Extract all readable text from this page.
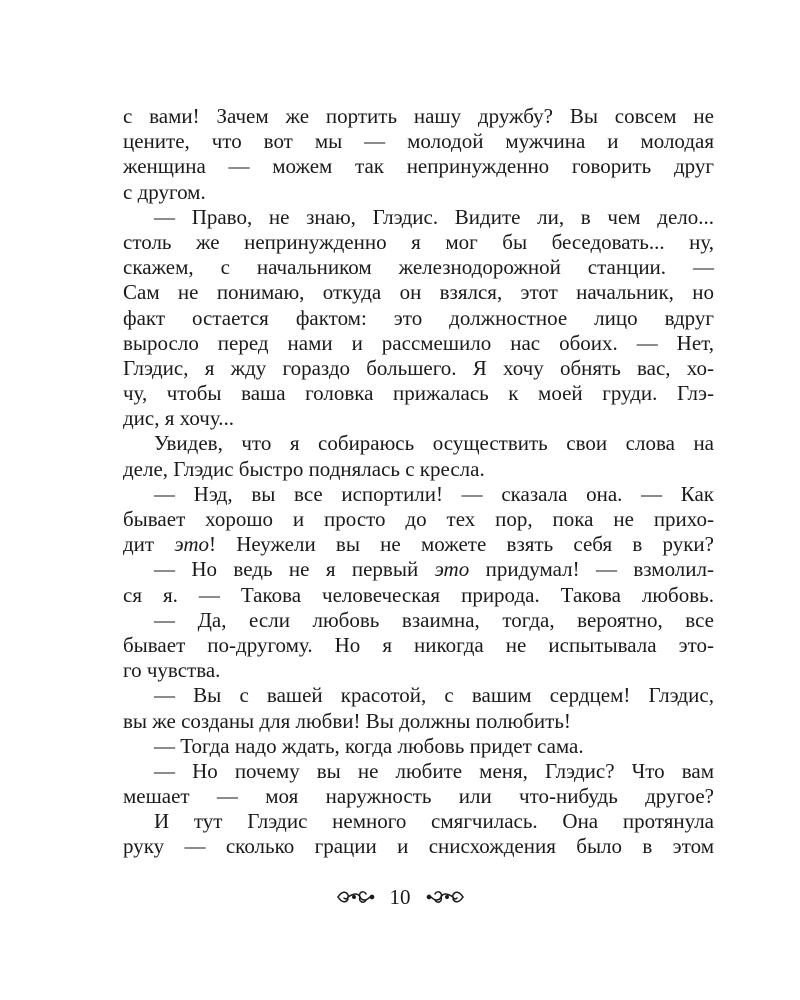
с вами! Зачем же портить нашу дружбу? Вы совсем не
цените, что вот мы — молодой мужчина и молодая
женщина — можем так непринужденно говорить друг
с другом.
— Право, не знаю, Глэдис. Видите ли, в чем дело...
столь же непринужденно я мог бы беседовать... ну,
скажем, с начальником железнодорожной станции. —
Сам не понимаю, откуда он взялся, этот начальник, но
факт остается фактом: это должностное лицо вдруг
выросло перед нами и рассмешило нас обоих. — Нет,
Глэдис, я жду гораздо большего. Я хочу обнять вас, хо-
чу, чтобы ваша головка прижалась к моей груди. Глэ-
дис, я хочу...
Увидев, что я собираюсь осуществить свои слова на
деле, Глэдис быстро поднялась с кресла.
— Нэд, вы все испортили! — сказала она. — Как
бывает хорошо и просто до тех пор, пока не прихо-
дит это! Неужели вы не можете взять себя в руки?
— Но ведь не я первый это придумал! — взмолил-
ся я. — Такова человеческая природа. Такова любовь.
— Да, если любовь взаимна, тогда, вероятно, все
бывает по-другому. Но я никогда не испытывала это-
го чувства.
— Вы с вашей красотой, с вашим сердцем! Глэдис,
вы же созданы для любви! Вы должны полюбить!
— Тогда надо ждать, когда любовь придет сама.
— Но почему вы не любите меня, Глэдис? Что вам
мешает — моя наружность или что-нибудь другое?
И тут Глэдис немного смягчилась. Она протянула
руку — сколько грации и снисхождения было в этом
10
